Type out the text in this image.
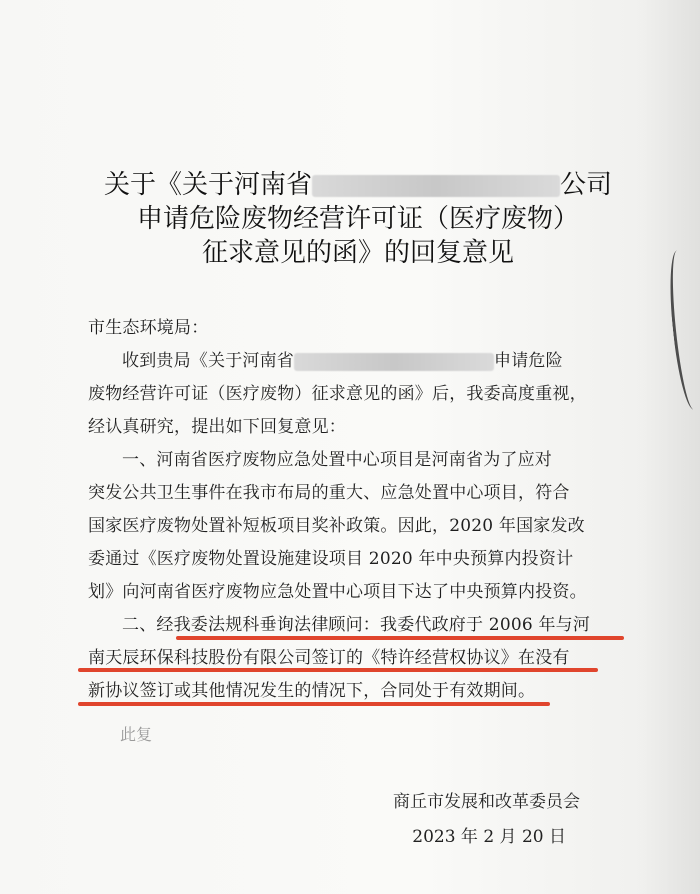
关于《关于河南省	公司
申请危险废物经营许可证（医疗废物）
征求意见的函》的回复意见
市生态环境局：
收到贵局《关于河南省	申请危险
废物经营许可证（医疗废物）征求意见的函》后，我委高度重视，
经认真研究，提出如下回复意见：
一、河南省医疗废物应急处置中心项目是河南省为了应对
突发公共卫生事件在我市布局的重大、应急处置中心项目，符合
国家医疗废物处置补短板项目奖补政策。因此，2020 年国家发改
委通过《医疗废物处置设施建设项目 2020 年中央预算内投资计
划》向河南省医疗废物应急处置中心项目下达了中央预算内投资。
二、经我委法规科垂询法律顾问：我委代政府于 2006 年与河
南天辰环保科技股份有限公司签订的《特许经营权协议》在没有
新协议签订或其他情况发生的情况下，合同处于有效期间。
此复
商丘市发展和改革委员会
2023 年 2 月 20 日
